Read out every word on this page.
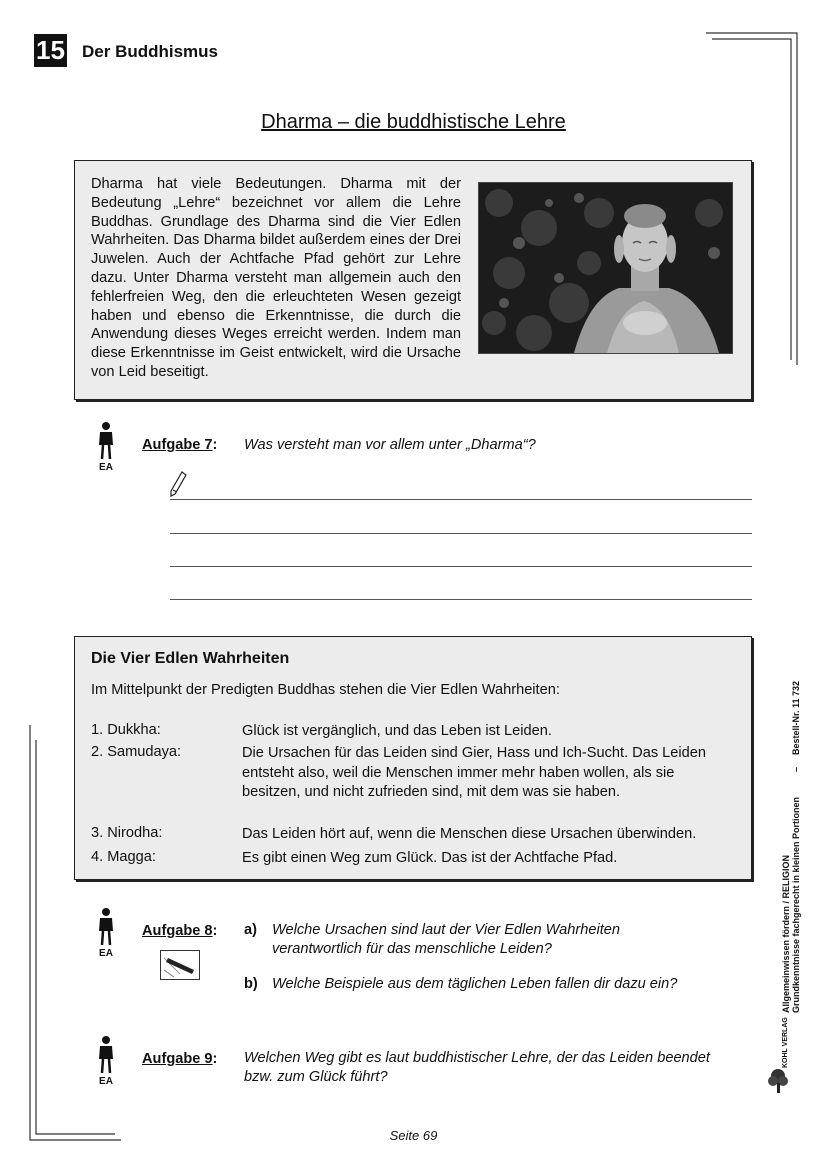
15 Der Buddhismus
Dharma – die buddhistische Lehre
Dharma hat viele Bedeutungen. Dharma mit der Bedeutung „Lehre“ bezeichnet vor allem die Lehre Buddhas. Grundlage des Dharma sind die Vier Edlen Wahrheiten. Das Dharma bildet außerdem eines der Drei Juwelen. Auch der Achtfache Pfad gehört zur Lehre dazu. Unter Dharma versteht man allgemein auch den fehlerfreien Weg, den die erleuchteten Wesen gezeigt haben und ebenso die Erkenntnisse, die durch die Anwendung dieses Weges erreicht werden. Indem man diese Erkenntnisse im Geist entwickelt, wird die Ursache von Leid beseitigt.
EA
Aufgabe 7: Was versteht man vor allem unter „Dharma“?
Die Vier Edlen Wahrheiten
Im Mittelpunkt der Predigten Buddhas stehen die Vier Edlen Wahrheiten:
1. Dukkha:	Glück ist vergänglich, und das Leben ist Leiden.
2. Samudaya:	Die Ursachen für das Leiden sind Gier, Hass und Ich-Sucht. Das Leiden entsteht also, weil die Menschen immer mehr haben wollen, als sie besitzen, und nicht zufrieden sind, mit dem was sie haben.
3. Nirodha:	Das Leiden hört auf, wenn die Menschen diese Ursachen überwinden.
4. Magga:	Es gibt einen Weg zum Glück. Das ist der Achtfache Pfad.
EA
Aufgabe 8: a) Welche Ursachen sind laut der Vier Edlen Wahrheiten verantwortlich für das menschliche Leiden?
b) Welche Beispiele aus dem täglichen Leben fallen dir dazu ein?
EA
Aufgabe 9: Welchen Weg gibt es laut buddhistischer Lehre, der das Leiden beendet bzw. zum Glück führt?
Seite 69
Allgemeinwissen fördern / RELIGION Grundkenntnisse fachgerecht in kleinen Portionen
–
Bestell-Nr. 11 732
KOHL VERLAG
